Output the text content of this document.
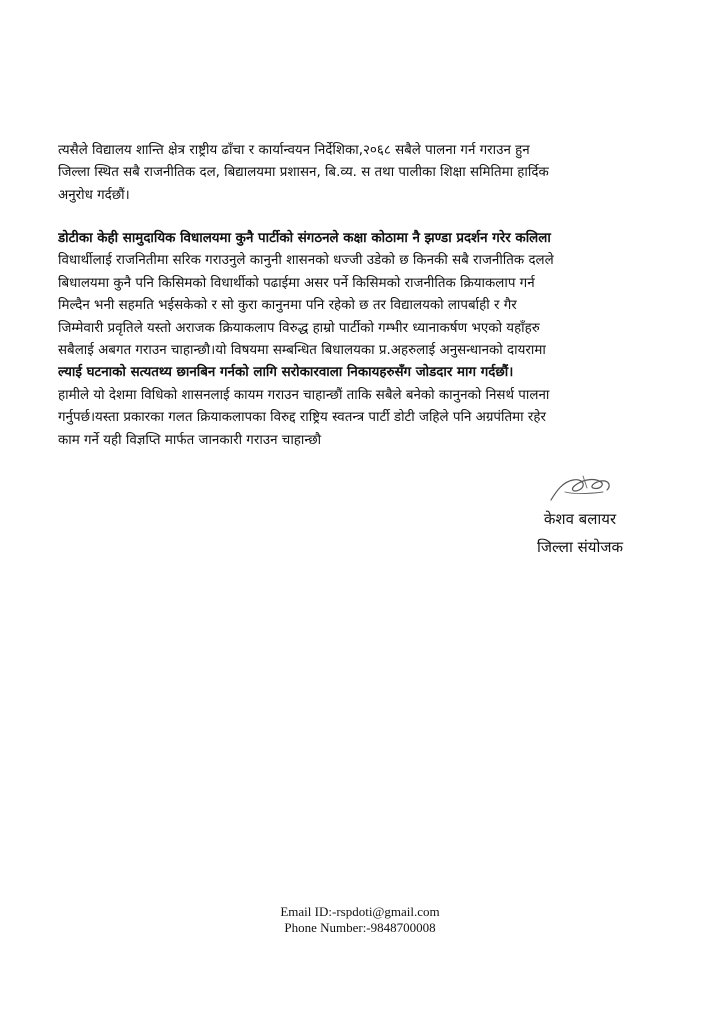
त्यसैले विद्यालय शान्ति क्षेत्र राष्ट्रीय ढाँचा र कार्यान्वयन निर्देशिका,२०६८ सबैले पालना गर्न गराउन हुन
जिल्ला स्थित सबै राजनीतिक दल, बिद्यालयमा प्रशासन, बि.व्य. स तथा पालीका शिक्षा समितिमा हार्दिक
अनुरोध गर्दछौं।
डोटीका केही सामुदायिक विधालयमा कुनै पार्टीको संगठनले कक्षा कोठामा नै झण्डा प्रदर्शन गरेर कलिला
विधार्थीलाई राजनितीमा सरिक गराउनुले कानुनी शासनको धज्जी उडेको छ किनकी सबै राजनीतिक दलले
बिधालयमा कुनै पनि किसिमको विधार्थीको पढाईमा असर पर्ने किसिमको राजनीतिक क्रियाकलाप गर्न
मिल्दैन भनी सहमति भईसकेको र सो कुरा कानुनमा पनि रहेको छ तर विद्यालयको लापर्बाही र गैर
जिम्मेवारी प्रवृतिले यस्तो अराजक क्रियाकलाप विरुद्ध हाम्रो पार्टीको गम्भीर ध्यानाकर्षण भएको यहाँहरु
सबैलाई अबगत गराउन चाहान्छौ।यो विषयमा सम्बन्धित बिधालयका प्र.अहरुलाई अनुसन्धानको दायरामा
ल्याई घटनाको सत्यतथ्य छानबिन गर्नको लागि सरोकारवाला निकायहरुसँग जोडदार माग गर्दछौं।
हामीले यो देशमा विधिको शासनलाई कायम गराउन चाहान्छौं ताकि सबैले बनेको कानुनको निसर्थ पालना
गर्नुपर्छ।यस्ता प्रकारका गलत क्रियाकलापका विरुद्द राष्ट्रिय स्वतन्त्र पार्टी डोटी जहिले पनि अग्रपंतिमा रहेर
काम गर्ने यही विज्ञप्ति मार्फत जानकारी गराउन चाहान्छौ
केशव बलायर
जिल्ला संयोजक
Email ID:-rspdoti@gmail.com
Phone Number:-9848700008
